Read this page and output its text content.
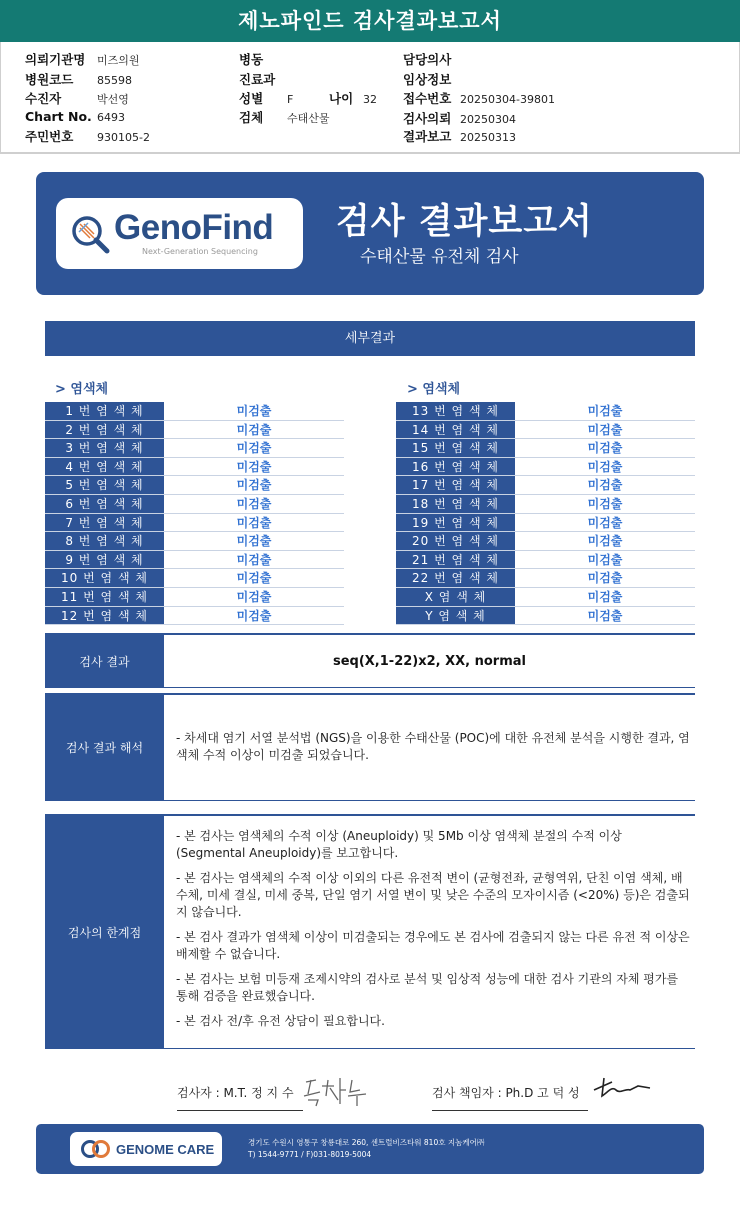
제노파인드 검사결과보고서
의뢰기관명 미즈의원
병원코드 85598
수진자	박선영
Chart No. 6493
주민번호 930105-2
병동
진료과
성별 F	나이 32
검체 수태산물
담당의사
임상정보
접수번호 20250304-39801
검사의뢰 20250304
결과보고 20250313
GenoFind
Next-Generation Sequencing
검사 결과보고서
수태산물 유전체 검사
세부결과
> 염색체	> 염색체
1 번 염 색 체	미검출
2 번 염 색 체	미검출
3 번 염 색 체	미검출
4 번 염 색 체	미검출
5 번 염 색 체	미검출
6 번 염 색 체	미검출
7 번 염 색 체	미검출
8 번 염 색 체	미검출
9 번 염 색 체	미검출
10 번 염 색 체	미검출
11 번 염 색 체	미검출
12 번 염 색 체	미검출
13 번 염 색 체	미검출
14 번 염 색 체	미검출
15 번 염 색 체	미검출
16 번 염 색 체	미검출
17 번 염 색 체	미검출
18 번 염 색 체	미검출
19 번 염 색 체	미검출
20 번 염 색 체	미검출
21 번 염 색 체	미검출
22 번 염 색 체	미검출
X 염 색 체	미검출
Y 염 색 체	미검출
검사 결과	seq(X,1-22)x2, XX, normal
검사 결과 해석
- 차세대 염기 서열 분석법 (NGS)을 이용한 수태산물 (POC)에 대한 유전체 분석을 시행한 결과, 염색체 수적 이상이 미검출 되었습니다.
검사의 한계점
- 본 검사는 염색체의 수적 이상 (Aneuploidy) 및 5Mb 이상 염색체 분절의 수적 이상 (Segmental Aneuploidy)를 보고합니다.
- 본 검사는 염색체의 수적 이상 이외의 다른 유전적 변이 (균형전좌, 균형역위, 단친 이염 색체, 배수체, 미세 결실, 미세 중복, 단일 염기 서열 변이 및 낮은 수준의 모자이시즘 (<20%) 등)은 검출되지 않습니다.
- 본 검사 결과가 염색체 이상이 미검출되는 경우에도 본 검사에 검출되지 않는 다른 유전 적 이상은 배제할 수 없습니다.
- 본 검사는 보험 미등재 조제시약의 검사로 분석 및 임상적 성능에 대한 검사 기관의 자체 평가를 통해 검증을 완료했습니다.
- 본 검사 전/후 유전 상담이 필요합니다.
검사자 : M.T. 정 지 수	검사 책임자 : Ph.D 고 덕 성
GENOME CARE	경기도 수원시 영통구 창룡대로 260, 센트럴비즈타워 810호 지놈케어㈜
T) 1544-9771 / F)031-8019-5004
